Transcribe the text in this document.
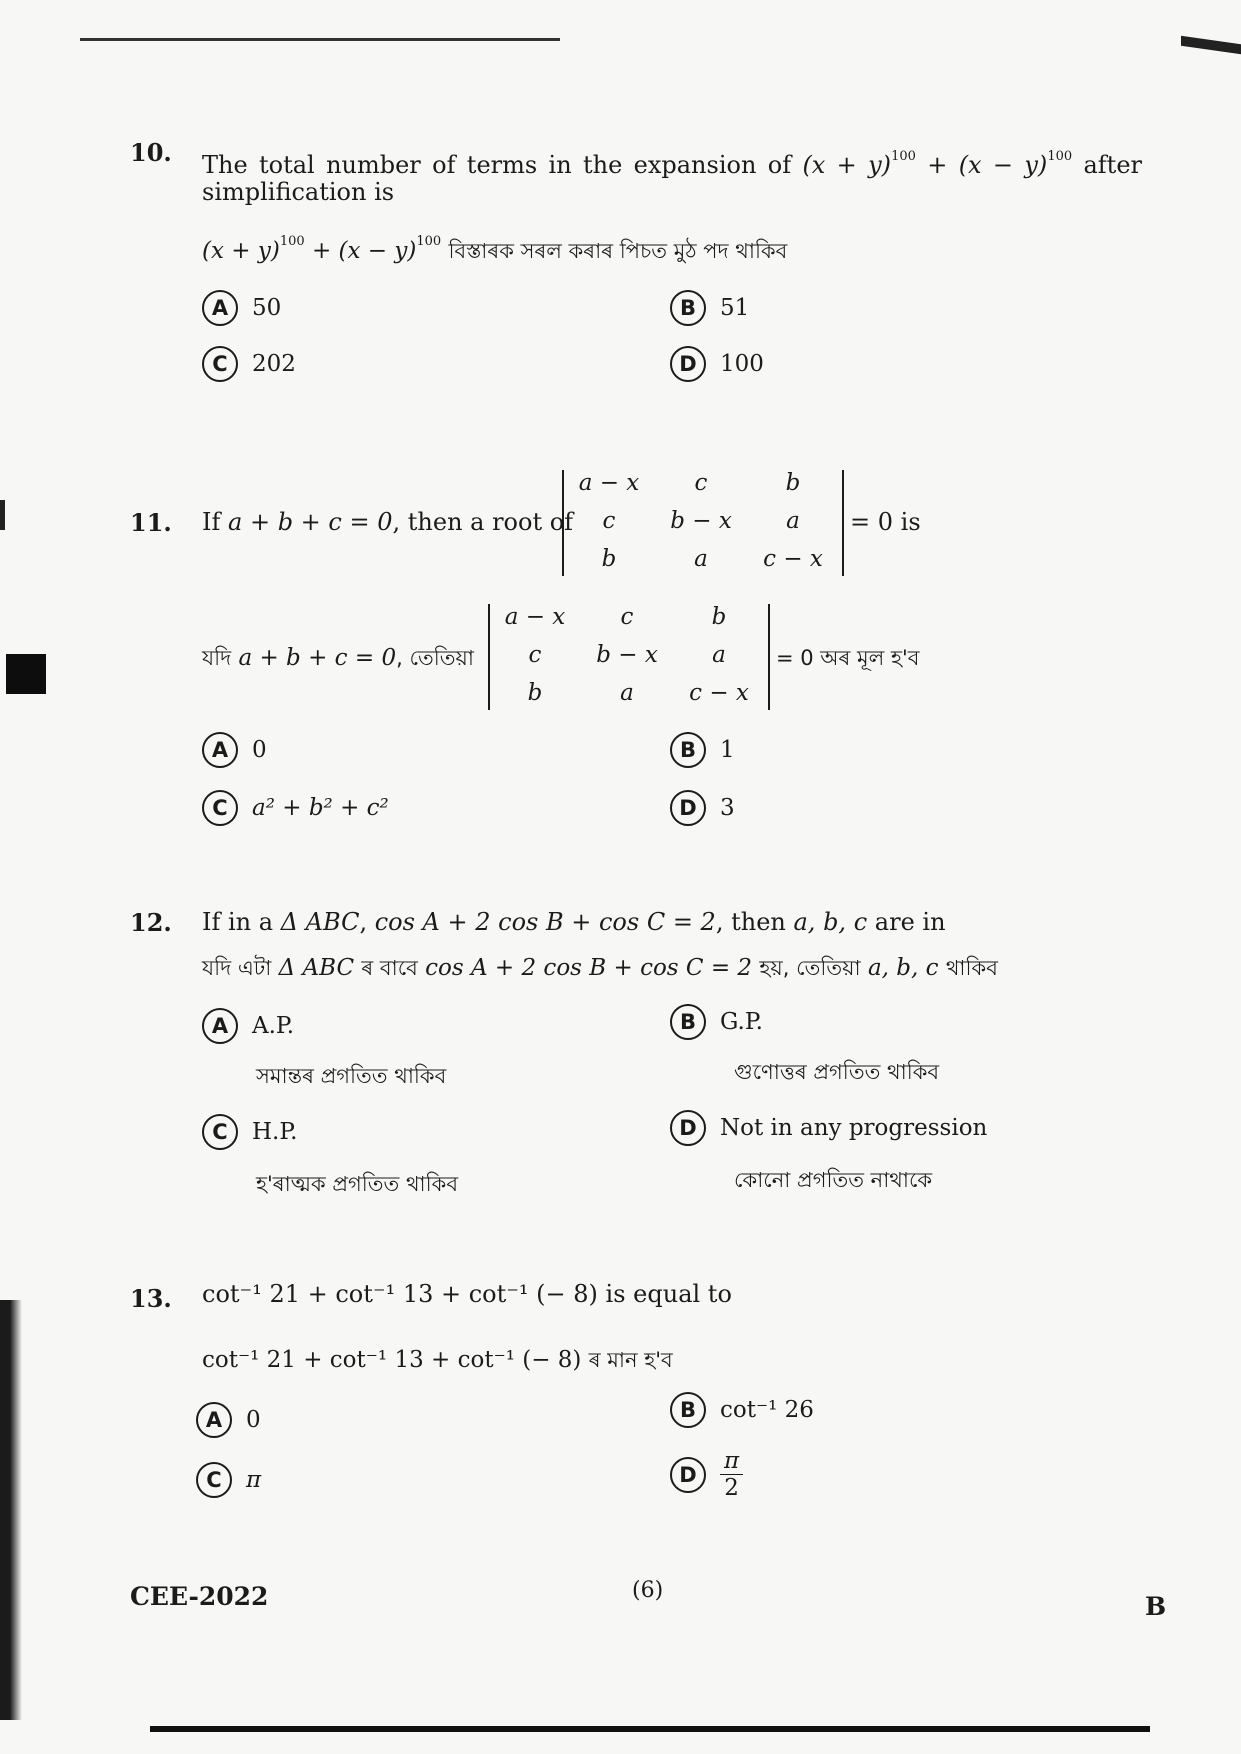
10. The total number of terms in the expansion of $(x + y)^{100} + (x - y)^{100}$ after
simplification is
$(x + y)^{100} + (x - y)^{100}$ বিস্তাৰক সৰল কৰাৰ পিচত মুঠ পদ থাকিব
A 50	B 51
C 202	D 100
11. If a + b + c = 0, then a root of
a − x	c	b
c	b − x	a
b	a	c − x
= 0 is
যদি a + b + c = 0, তেতিয়া
a − x	c	b
c	b − x	a
b	a	c − x
= 0 অৰ মূল হ'ব
A 0	B 1
C a² + b² + c²	D 3
12. If in a Δ ABC, cos A + 2 cos B + cos C = 2, then a, b, c are in
যদি এটা Δ ABC ৰ বাবে cos A + 2 cos B + cos C = 2 হয়, তেতিয়া a, b, c থাকিব
A A.P.
সমান্তৰ প্ৰগতিত থাকিব
B G.P.
গুণোত্তৰ প্ৰগতিত থাকিব
C H.P.
হ'ৰাত্মক প্ৰগতিত থাকিব
D Not in any progression
কোনো প্ৰগতিত নাথাকে
13. cot⁻¹ 21 + cot⁻¹ 13 + cot⁻¹ (− 8) is equal to
cot⁻¹ 21 + cot⁻¹ 13 + cot⁻¹ (− 8) ৰ মান হ'ব
A 0	B cot⁻¹ 26
C π	D $\frac{\pi}{2}$
CEE-2022	(6)
B
